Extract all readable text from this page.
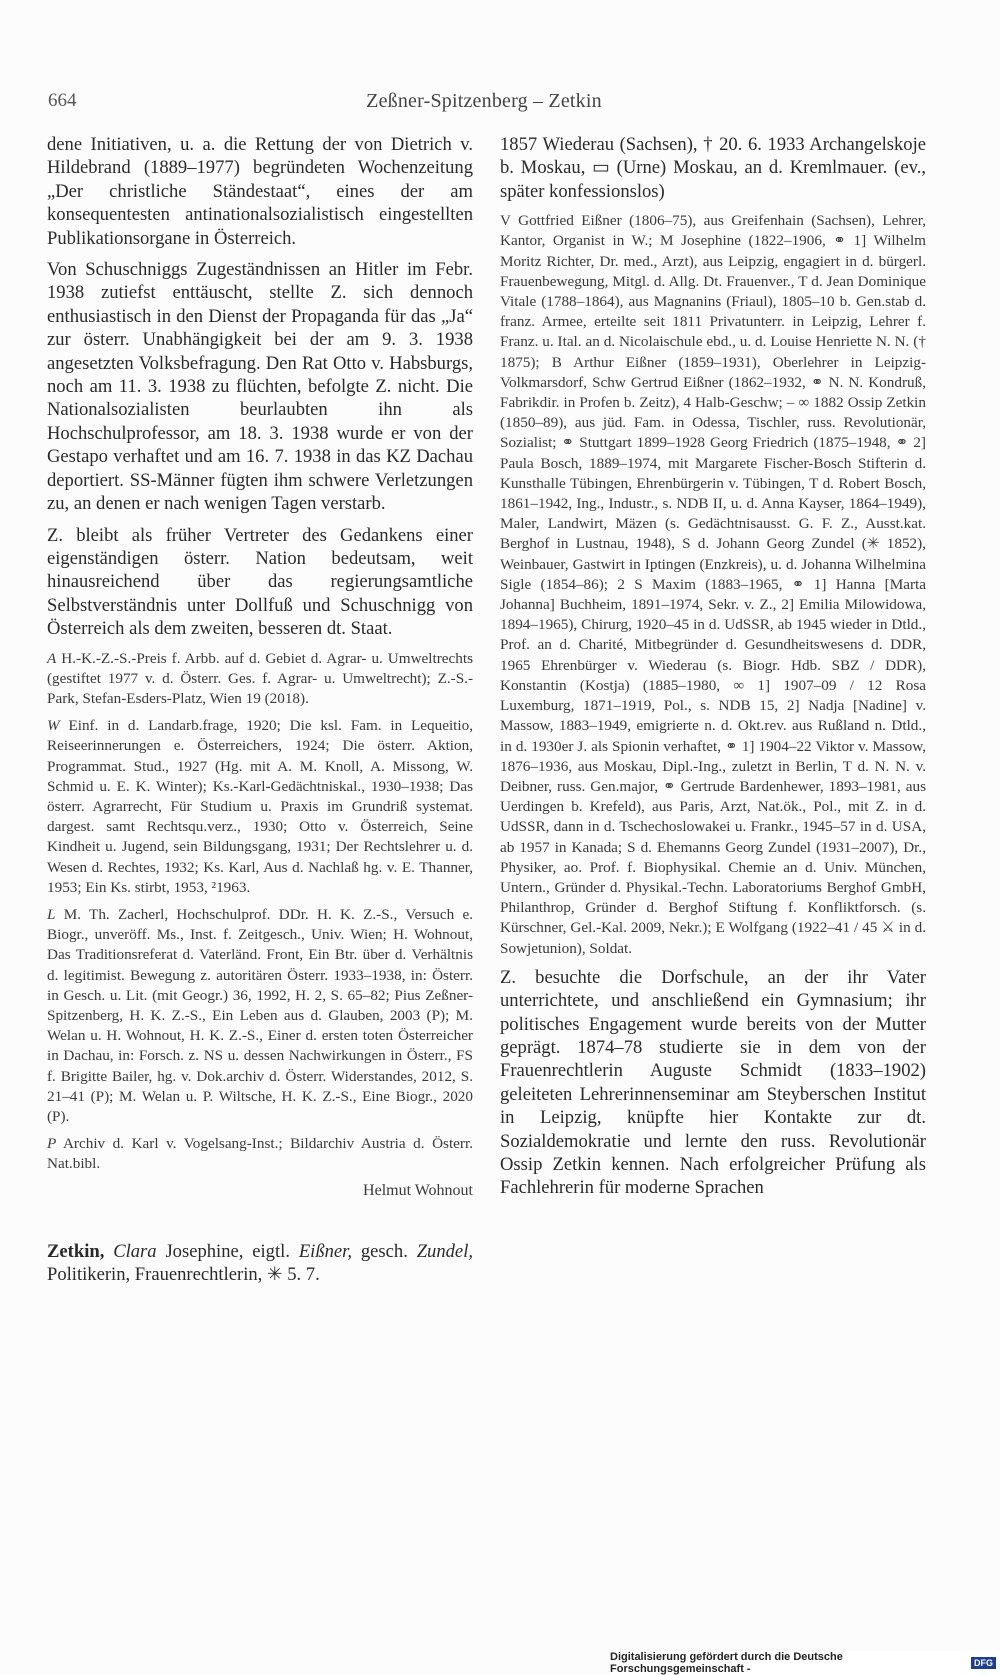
664	Zeßner-Spitzenberg – Zetkin

dene Initiativen, u. a. die Rettung der von Dietrich v. Hildebrand (1889–1977) begründeten Wochenzeitung „Der christliche Ständestaat“, eines der am konsequentesten antinationalsozialistisch eingestellten Publikationsorgane in Österreich.

Von Schuschniggs Zugeständnissen an Hitler im Febr. 1938 zutiefst enttäuscht, stellte Z. sich dennoch enthusiastisch in den Dienst der Propaganda für das „Ja“ zur österr. Unabhängigkeit bei der am 9. 3. 1938 angesetzten Volksbefragung. Den Rat Otto v. Habsburgs, noch am 11. 3. 1938 zu flüchten, befolgte Z. nicht. Die Nationalsozialisten beurlaubten ihn als Hochschulprofessor, am 18. 3. 1938 wurde er von der Gestapo verhaftet und am 16. 7. 1938 in das KZ Dachau deportiert. SS-Männer fügten ihm schwere Verletzungen zu, an denen er nach wenigen Tagen verstarb.

Z. bleibt als früher Vertreter des Gedankens einer eigenständigen österr. Nation bedeutsam, weit hinausreichend über das regierungsamtliche Selbstverständnis unter Dollfuß und Schuschnigg von Österreich als dem zweiten, besseren dt. Staat.

A H.-K.-Z.-S.-Preis f. Arbb. auf d. Gebiet d. Agrar- u. Umweltrechts (gestiftet 1977 v. d. Österr. Ges. f. Agrar- u. Umweltrecht); Z.-S.-Park, Stefan-Esders-Platz, Wien 19 (2018).

W Einf. in d. Landarb.frage, 1920; Die ksl. Fam. in Lequeitio, Reiseerinnerungen e. Österreichers, 1924; Die österr. Aktion, Programmat. Stud., 1927 (Hg. mit A. M. Knoll, A. Missong, W. Schmid u. E. K. Winter); Ks.-Karl-Gedächtniskal., 1930–1938; Das österr. Agrarrecht, Für Studium u. Praxis im Grundriß systemat. dargest. samt Rechtsqu.verz., 1930; Otto v. Österreich, Seine Kindheit u. Jugend, sein Bildungsgang, 1931; Der Rechtslehrer u. d. Wesen d. Rechtes, 1932; Ks. Karl, Aus d. Nachlaß hg. v. E. Thanner, 1953; Ein Ks. stirbt, 1953, ²1963.

L M. Th. Zacherl, Hochschulprof. DDr. H. K. Z.-S., Versuch e. Biogr., unveröff. Ms., Inst. f. Zeitgesch., Univ. Wien; H. Wohnout, Das Traditionsreferat d. Vaterländ. Front, Ein Btr. über d. Verhältnis d. legitimist. Bewegung z. autoritären Österr. 1933–1938, in: Österr. in Gesch. u. Lit. (mit Geogr.) 36, 1992, H. 2, S. 65–82; Pius Zeßner-Spitzenberg, H. K. Z.-S., Ein Leben aus d. Glauben, 2003 (P); M. Welan u. H. Wohnout, H. K. Z.-S., Einer d. ersten toten Österreicher in Dachau, in: Forsch. z. NS u. dessen Nachwirkungen in Österr., FS f. Brigitte Bailer, hg. v. Dok.archiv d. Österr. Widerstandes, 2012, S. 21–41 (P); M. Welan u. P. Wiltsche, H. K. Z.-S., Eine Biogr., 2020 (P).

P Archiv d. Karl v. Vogelsang-Inst.; Bildarchiv Austria d. Österr. Nat.bibl.

Helmut Wohnout

Zetkin, Clara Josephine, eigtl. Eißner, gesch. Zundel, Politikerin, Frauenrechtlerin, ✳ 5. 7.

1857 Wiederau (Sachsen), † 20. 6. 1933 Archangelskoje b. Moskau, ▭ (Urne) Moskau, an d. Kremlmauer. (ev., später konfessionslos)

V Gottfried Eißner (1806–75), aus Greifenhain (Sachsen), Lehrer, Kantor, Organist in W.; M Josephine (1822–1906, ⚭ 1] Wilhelm Moritz Richter, Dr. med., Arzt), aus Leipzig, engagiert in d. bürgerl. Frauenbewegung, Mitgl. d. Allg. Dt. Frauenver., T d. Jean Dominique Vitale (1788–1864), aus Magnanins (Friaul), 1805–10 b. Gen.stab d. franz. Armee, erteilte seit 1811 Privatunterr. in Leipzig, Lehrer f. Franz. u. Ital. an d. Nicolaischule ebd., u. d. Louise Henriette N. N. († 1875); B Arthur Eißner (1859–1931), Oberlehrer in Leipzig-Volkmarsdorf, Schw Gertrud Eißner (1862–1932, ⚭ N. N. Kondruß, Fabrikdir. in Profen b. Zeitz), 4 Halb-Geschw; – ∞ 1882 Ossip Zetkin (1850–89), aus jüd. Fam. in Odessa, Tischler, russ. Revolutionär, Sozialist; ⚭ Stuttgart 1899–1928 Georg Friedrich (1875–1948, ⚭ 2] Paula Bosch, 1889–1974, mit Margarete Fischer-Bosch Stifterin d. Kunsthalle Tübingen, Ehrenbürgerin v. Tübingen, T d. Robert Bosch, 1861–1942, Ing., Industr., s. NDB II, u. d. Anna Kayser, 1864–1949), Maler, Landwirt, Mäzen (s. Gedächtnisausst. G. F. Z., Ausst.kat. Berghof in Lustnau, 1948), S d. Johann Georg Zundel (✳ 1852), Weinbauer, Gastwirt in Iptingen (Enzkreis), u. d. Johanna Wilhelmina Sigle (1854–86); 2 S Maxim (1883–1965, ⚭ 1] Hanna [Marta Johanna] Buchheim, 1891–1974, Sekr. v. Z., 2] Emilia Milowidowa, 1894–1965), Chirurg, 1920–45 in d. UdSSR, ab 1945 wieder in Dtld., Prof. an d. Charité, Mitbegründer d. Gesundheitswesens d. DDR, 1965 Ehrenbürger v. Wiederau (s. Biogr. Hdb. SBZ / DDR), Konstantin (Kostja) (1885–1980, ∞ 1] 1907–09 / 12 Rosa Luxemburg, 1871–1919, Pol., s. NDB 15, 2] Nadja [Nadine] v. Massow, 1883–1949, emigrierte n. d. Okt.rev. aus Rußland n. Dtld., in d. 1930er J. als Spionin verhaftet, ⚭ 1] 1904–22 Viktor v. Massow, 1876–1936, aus Moskau, Dipl.-Ing., zuletzt in Berlin, T d. N. N. v. Deibner, russ. Gen.major, ⚭ Gertrude Bardenhewer, 1893–1981, aus Uerdingen b. Krefeld), aus Paris, Arzt, Nat.ök., Pol., mit Z. in d. UdSSR, dann in d. Tschechoslowakei u. Frankr., 1945–57 in d. USA, ab 1957 in Kanada; S d. Ehemanns Georg Zundel (1931–2007), Dr., Physiker, ao. Prof. f. Biophysikal. Chemie an d. Univ. München, Untern., Gründer d. Physikal.-Techn. Laboratoriums Berghof GmbH, Philanthrop, Gründer d. Berghof Stiftung f. Konfliktforsch. (s. Kürschner, Gel.-Kal. 2009, Nekr.); E Wolfgang (1922–41 / 45 ⚔ in d. Sowjetunion), Soldat.

Z. besuchte die Dorfschule, an der ihr Vater unterrichtete, und anschließend ein Gymnasium; ihr politisches Engagement wurde bereits von der Mutter geprägt. 1874–78 studierte sie in dem von der Frauenrechtlerin Auguste Schmidt (1833–1902) geleiteten Lehrerinnenseminar am Steyberschen Institut in Leipzig, knüpfte hier Kontakte zur dt. Sozialdemokratie und lernte den russ. Revolutionär Ossip Zetkin kennen. Nach erfolgreicher Prüfung als Fachlehrerin für moderne Sprachen

Digitalisierung gefördert durch die Deutsche Forschungsgemeinschaft -	DFG
